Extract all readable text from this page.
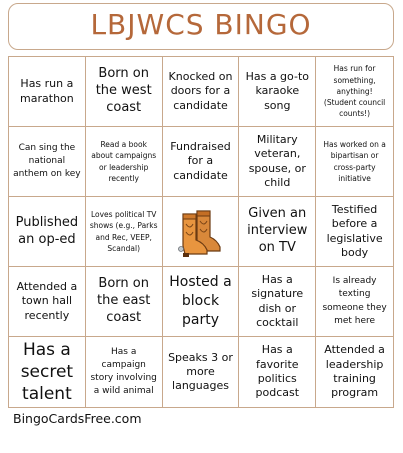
LBJWCS BINGO
Has run a marathon
Born on the west coast
Knocked on doors for a candidate
Has a go-to karaoke song
Has run for something, anything! (Student council counts!)
Can sing the national anthem on key
Read a book about campaigns or leadership recently
Fundraised for a candidate
Military veteran, spouse, or child
Has worked on a bipartisan or cross-party initiative
Published an op-ed
Loves political TV shows (e.g., Parks and Rec, VEEP, Scandal)
Given an interview on TV
Testified before a legislative body
Attended a town hall recently
Born on the east coast
Hosted a block party
Has a signature dish or cocktail
Is already texting someone they met here
Has a secret talent
Has a campaign story involving a wild animal
Speaks 3 or more languages
Has a favorite politics podcast
Attended a leadership training program
BingoCardsFree.com
